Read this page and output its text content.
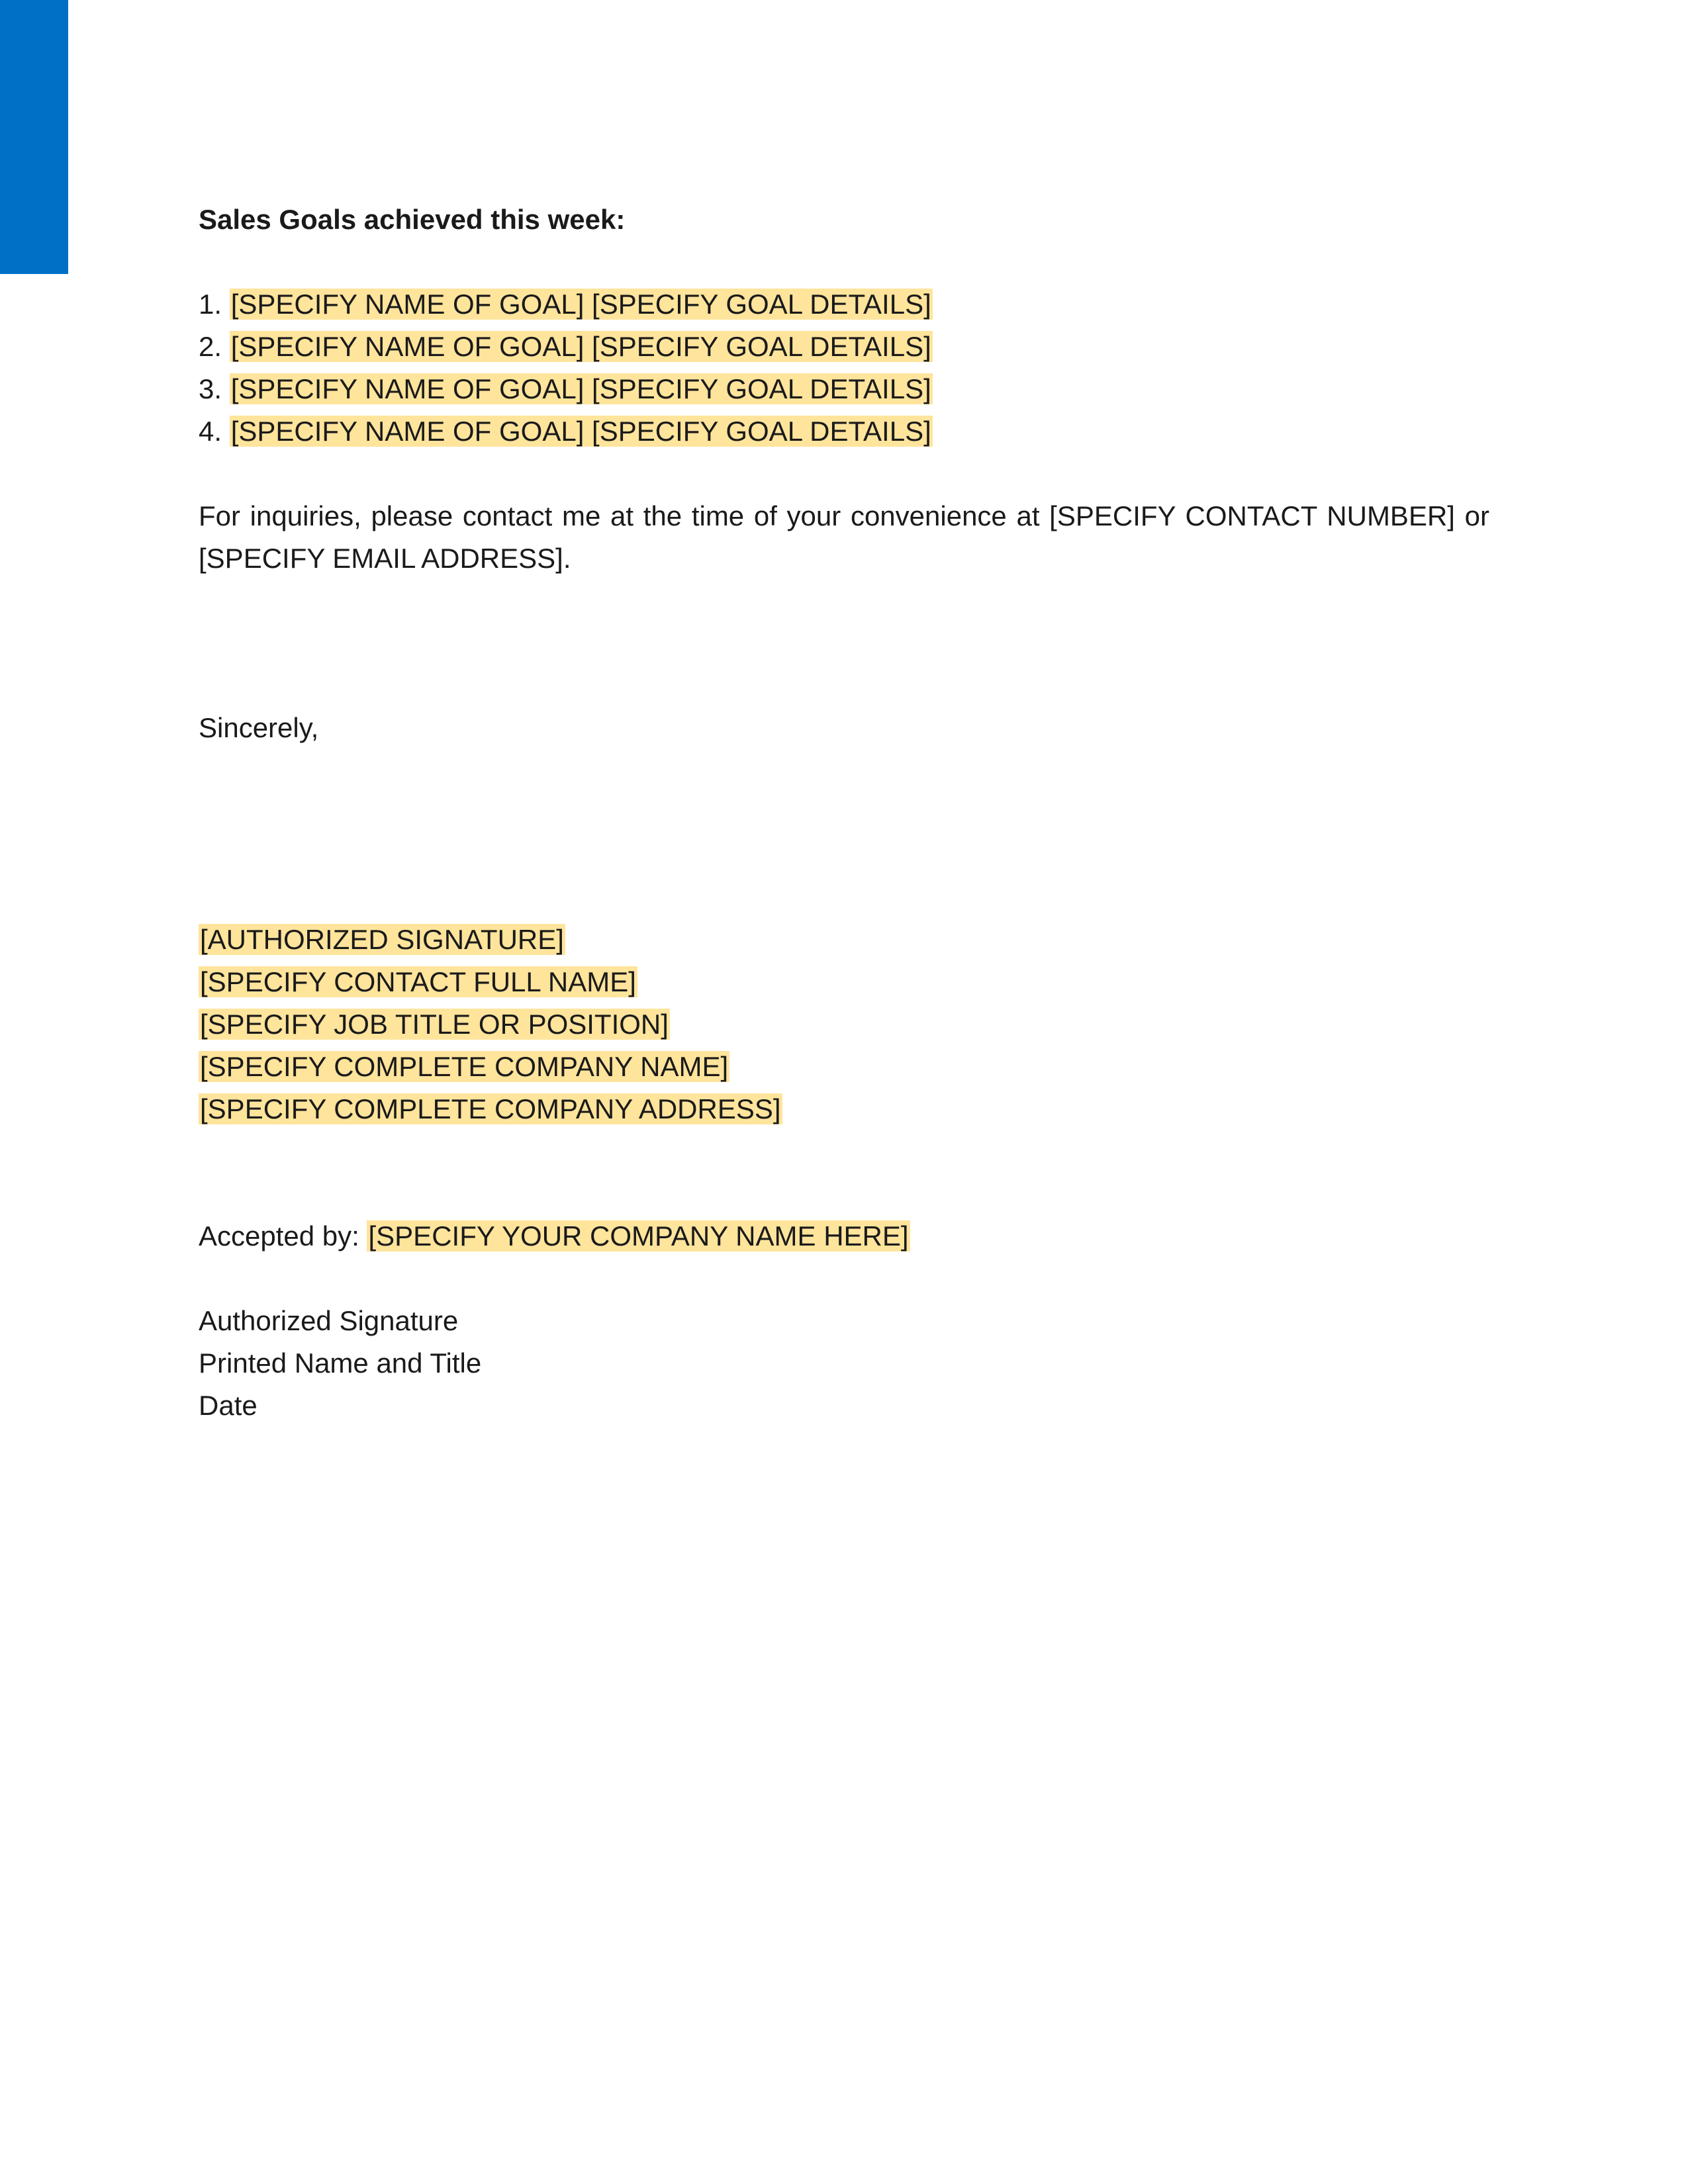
Sales Goals achieved this week:

1. [SPECIFY NAME OF GOAL] [SPECIFY GOAL DETAILS]
2. [SPECIFY NAME OF GOAL] [SPECIFY GOAL DETAILS]
3. [SPECIFY NAME OF GOAL] [SPECIFY GOAL DETAILS]
4. [SPECIFY NAME OF GOAL] [SPECIFY GOAL DETAILS]
For inquiries, please contact me at the time of your convenience at [SPECIFY CONTACT NUMBER] or [SPECIFY EMAIL ADDRESS].
Sincerely,
[AUTHORIZED SIGNATURE]
[SPECIFY CONTACT FULL NAME]
[SPECIFY JOB TITLE OR POSITION]
[SPECIFY COMPLETE COMPANY NAME]
[SPECIFY COMPLETE COMPANY ADDRESS]
Accepted by: [SPECIFY YOUR COMPANY NAME HERE]
Authorized Signature
Printed Name and Title
Date
